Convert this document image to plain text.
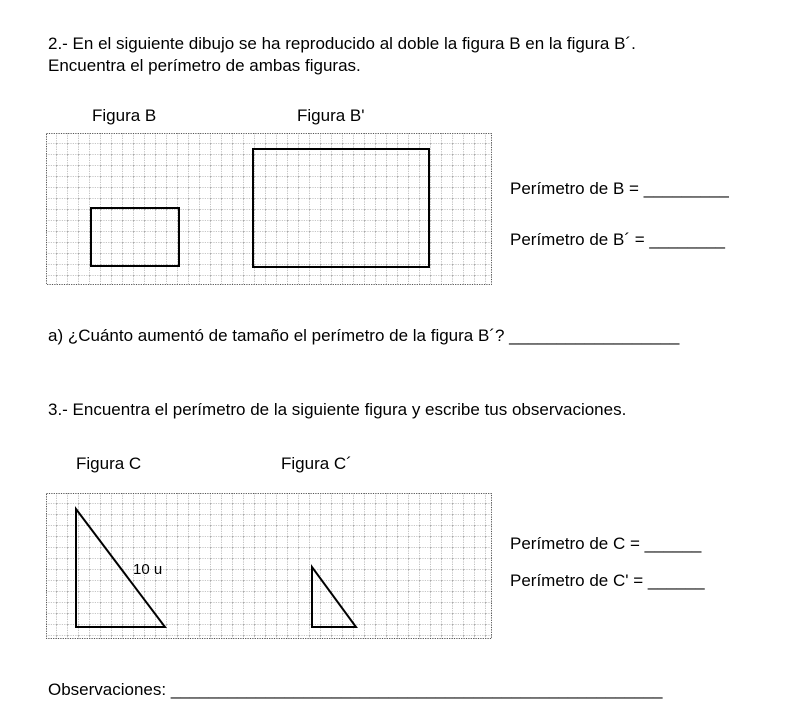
2.- En el siguiente dibujo se ha reproducido al doble la figura B en la figura B´.
Encuentra el perímetro de ambas figuras.
Figura B	Figura B'
Perímetro de B = _________
Perímetro de B´ = ________
a) ¿Cuánto aumentó de tamaño el perímetro de la figura B´? __________________
3.- Encuentra el perímetro de la siguiente figura y escribe tus observaciones.
Figura C	Figura C´
10 u
Perímetro de C = ______
Perímetro de C' = ______
Observaciones: ____________________________________________________
